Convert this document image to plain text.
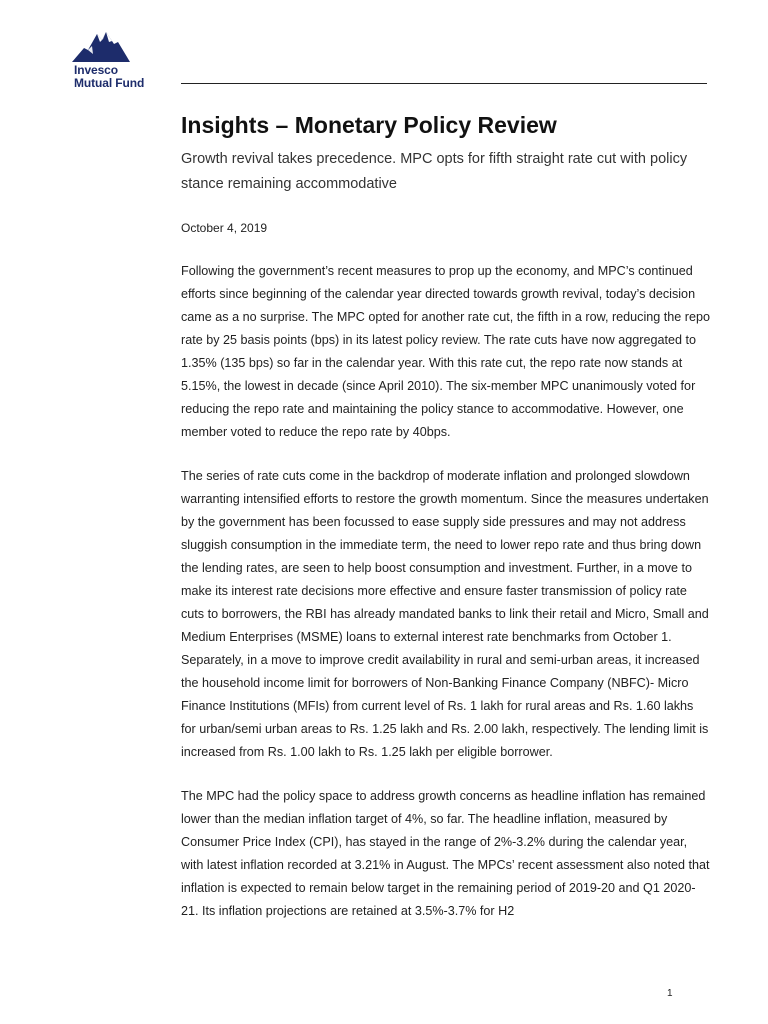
Invesco
Mutual Fund
Insights – Monetary Policy Review

Growth revival takes precedence. MPC opts for fifth straight rate cut with policy stance remaining accommodative

October 4, 2019

Following the government’s recent measures to prop up the economy, and MPC’s continued efforts since beginning of the calendar year directed towards growth revival, today’s decision came as a no surprise. The MPC opted for another rate cut, the fifth in a row, reducing the repo rate by 25 basis points (bps) in its latest policy review. The rate cuts have now aggregated to 1.35% (135 bps) so far in the calendar year. With this rate cut, the repo rate now stands at 5.15%, the lowest in decade (since April 2010). The six-member MPC unanimously voted for reducing the repo rate and maintaining the policy stance to accommodative. However, one member voted to reduce the repo rate by 40bps.

The series of rate cuts come in the backdrop of moderate inflation and prolonged slowdown warranting intensified efforts to restore the growth momentum. Since the measures undertaken by the government has been focussed to ease supply side pressures and may not address sluggish consumption in the immediate term, the need to lower repo rate and thus bring down the lending rates, are seen to help boost consumption and investment. Further, in a move to make its interest rate decisions more effective and ensure faster transmission of policy rate cuts to borrowers, the RBI has already mandated banks to link their retail and Micro, Small and Medium Enterprises (MSME) loans to external interest rate benchmarks from October 1. Separately, in a move to improve credit availability in rural and semi-urban areas, it increased the household income limit for borrowers of Non-Banking Finance Company (NBFC)- Micro Finance Institutions (MFIs) from current level of Rs. 1 lakh for rural areas and Rs. 1.60 lakhs for urban/semi urban areas to Rs. 1.25 lakh and Rs. 2.00 lakh, respectively. The lending limit is increased from Rs. 1.00 lakh to Rs. 1.25 lakh per eligible borrower.

The MPC had the policy space to address growth concerns as headline inflation has remained lower than the median inflation target of 4%, so far. The headline inflation, measured by Consumer Price Index (CPI), has stayed in the range of 2%-3.2% during the calendar year, with latest inflation recorded at 3.21% in August. The MPCs’ recent assessment also noted that inflation is expected to remain below target in the remaining period of 2019-20 and Q1 2020-21. Its inflation projections are retained at 3.5%-3.7% for H2

1
